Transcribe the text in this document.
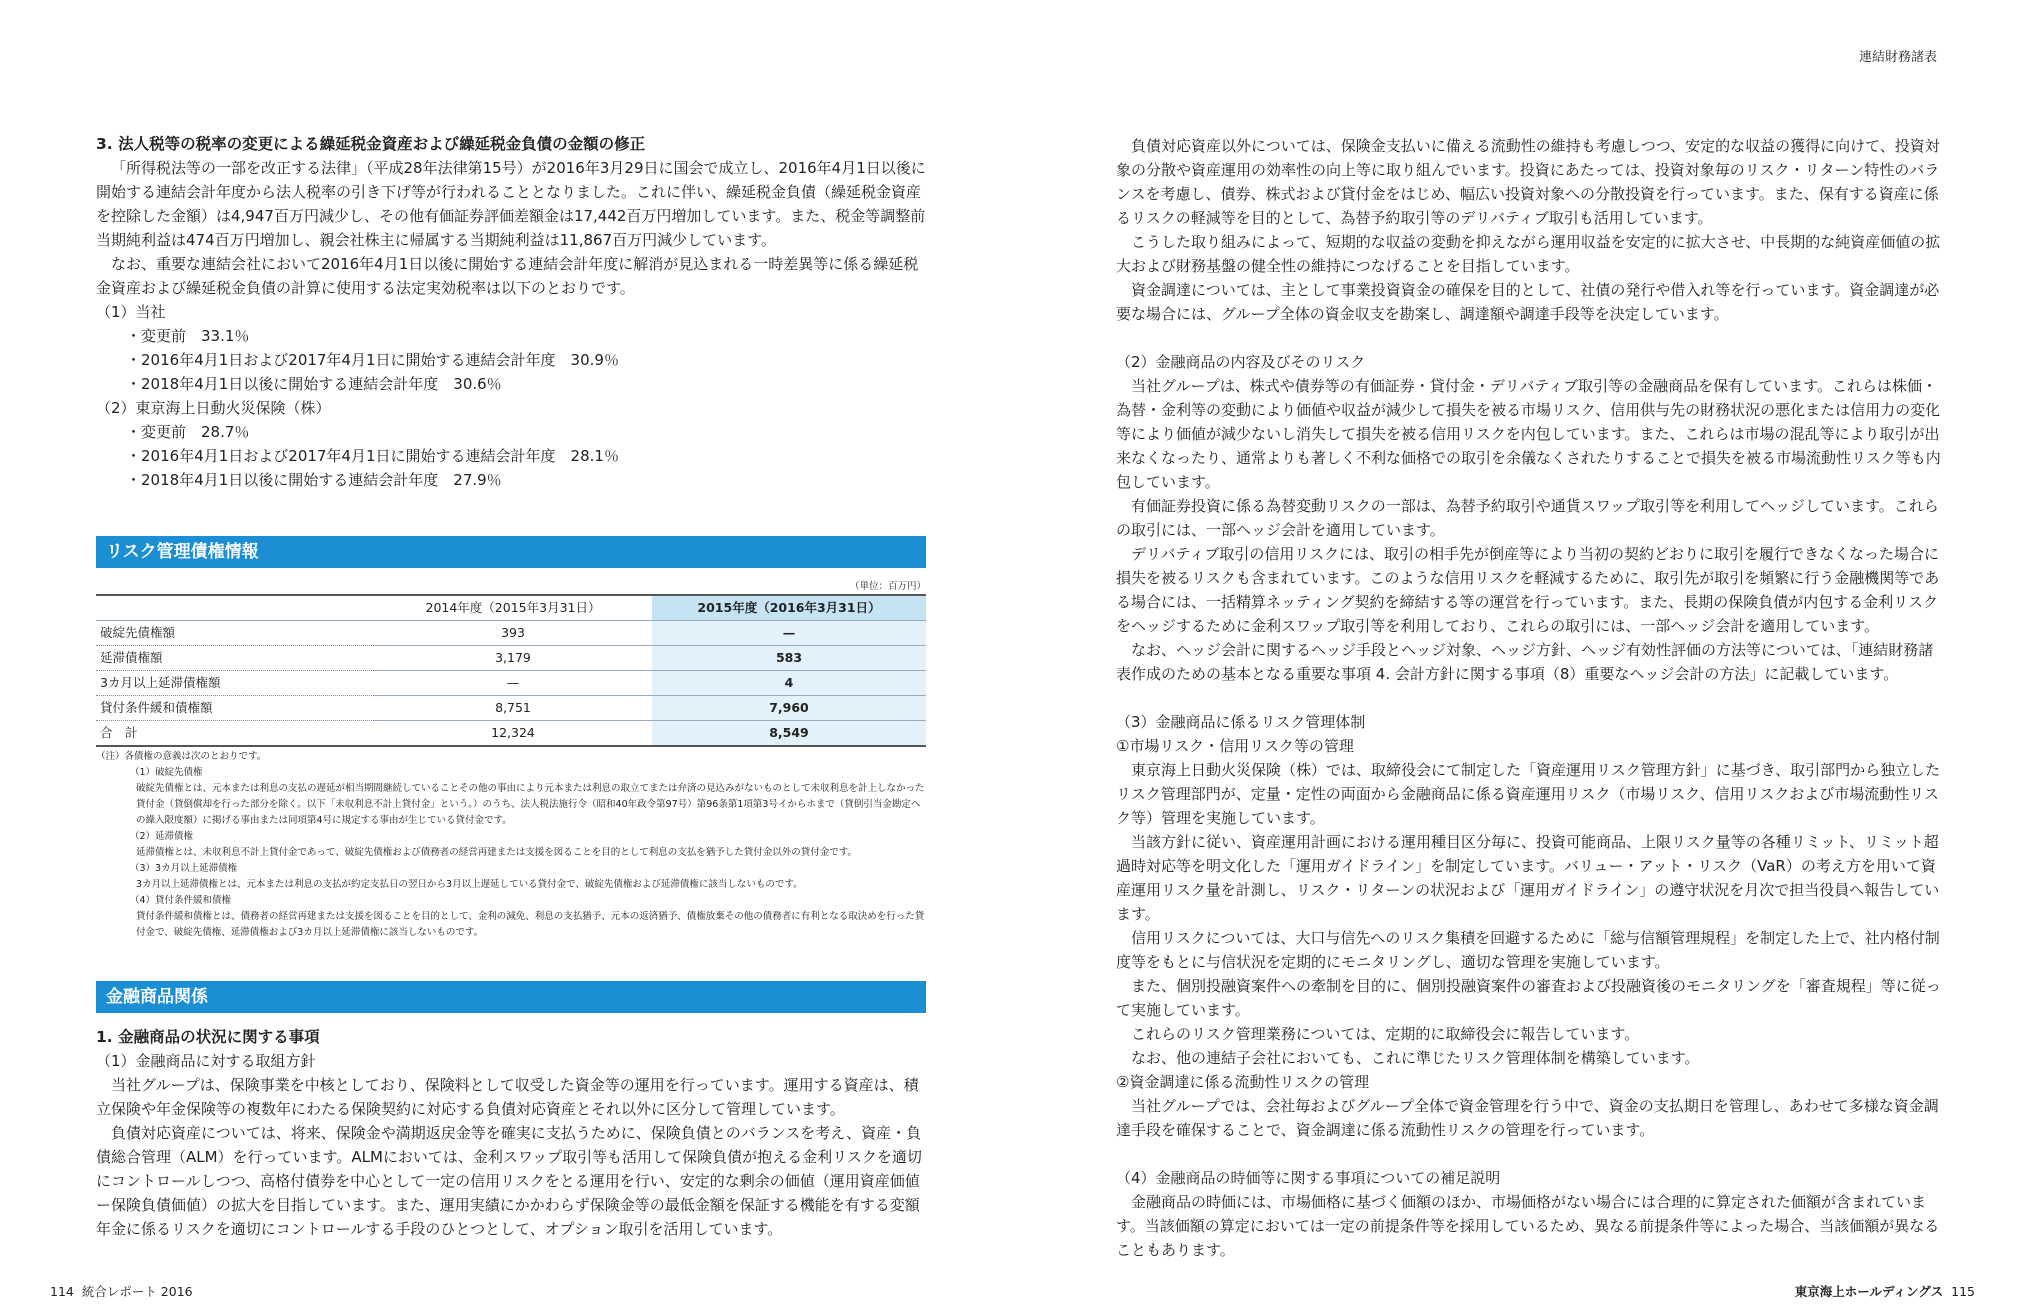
連結財務諸表

3. 法人税等の税率の変更による繰延税金資産および繰延税金負債の金額の修正

「所得税法等の一部を改正する法律」（平成28年法律第15号）が2016年3月29日に国会で成立し、2016年4月1日以後に開始する連結会計年度から法人税率の引き下げ等が行われることとなりました。これに伴い、繰延税金負債（繰延税金資産を控除した金額）は4,947百万円減少し、その他有価証券評価差額金は17,442百万円増加しています。また、税金等調整前当期純利益は474百万円増加し、親会社株主に帰属する当期純利益は11,867百万円減少しています。

なお、重要な連結会社において2016年4月1日以後に開始する連結会計年度に解消が見込まれる一時差異等に係る繰延税金資産および繰延税金負債の計算に使用する法定実効税率は以下のとおりです。

（1）当社

・ 変更前　33.1％

・ 2016年4月1日および2017年4月1日に開始する連結会計年度　30.9％

・ 2018年4月1日以後に開始する連結会計年度　30.6％

（2）東京海上日動火災保険（株）

・ 変更前　28.7％

・ 2016年4月1日および2017年4月1日に開始する連結会計年度　28.1％

・ 2018年4月1日以後に開始する連結会計年度　27.9％

リスク管理債権情報
（単位：百万円）
	2014年度（2015年3月31日）	2015年度（2016年3月31日）
破綻先債権額	393	—
延滞債権額	3,179	583
3カ月以上延滞債権額	—	4
貸付条件緩和債権額	8,751	7,960
合　計	12,324	8,549

（注）各債権の意義は次のとおりです。

（1）破綻先債権

破綻先債権とは、元本または利息の支払の遅延が相当期間継続していることその他の事由により元本または利息の取立てまたは弁済の見込みがないものとして未収利息を計上しなかった貸付金（貸倒償却を行った部分を除く。以下「未収利息不計上貸付金」という。）のうち、法人税法施行令（昭和40年政令第97号）第96条第1項第3号イからホまで（貸倒引当金勘定への繰入限度額）に掲げる事由または同項第4号に規定する事由が生じている貸付金です。

（2）延滞債権

延滞債権とは、未収利息不計上貸付金であって、破綻先債権および債務者の経営再建または支援を図ることを目的として利息の支払を猶予した貸付金以外の貸付金です。

（3）3カ月以上延滞債権

3カ月以上延滞債権とは、元本または利息の支払が約定支払日の翌日から3月以上遅延している貸付金で、破綻先債権および延滞債権に該当しないものです。

（4）貸付条件緩和債権

貸付条件緩和債権とは、債務者の経営再建または支援を図ることを目的として、金利の減免、利息の支払猶予、元本の返済猶予、債権放棄その他の債務者に有利となる取決めを行った貸付金で、破綻先債権、延滞債権および3カ月以上延滞債権に該当しないものです。

金融商品関係

1. 金融商品の状況に関する事項

（1）金融商品に対する取組方針

当社グループは、保険事業を中核としており、保険料として収受した資金等の運用を行っています。運用する資産は、積立保険や年金保険等の複数年にわたる保険契約に対応する負債対応資産とそれ以外に区分して管理しています。

負債対応資産については、将来、保険金や満期返戻金等を確実に支払うために、保険負債とのバランスを考え、資産・負債総合管理（ALM）を行っています。ALMにおいては、金利スワップ取引等も活用して保険負債が抱える金利リスクを適切にコントロールしつつ、高格付債券を中心として一定の信用リスクをとる運用を行い、安定的な剰余の価値（運用資産価値ー保険負債価値）の拡大を目指しています。また、運用実績にかかわらず保険金等の最低金額を保証する機能を有する変額年金に係るリスクを適切にコントロールする手段のひとつとして、オプション取引を活用しています。

負債対応資産以外については、保険金支払いに備える流動性の維持も考慮しつつ、安定的な収益の獲得に向けて、投資対象の分散や資産運用の効率性の向上等に取り組んでいます。投資にあたっては、投資対象毎のリスク・リターン特性のバランスを考慮し、債券、株式および貸付金をはじめ、幅広い投資対象への分散投資を行っています。また、保有する資産に係るリスクの軽減等を目的として、為替予約取引等のデリバティブ取引も活用しています。

こうした取り組みによって、短期的な収益の変動を抑えながら運用収益を安定的に拡大させ、中長期的な純資産価値の拡大および財務基盤の健全性の維持につなげることを目指しています。

資金調達については、主として事業投資資金の確保を目的として、社債の発行や借入れ等を行っています。資金調達が必要な場合には、グループ全体の資金収支を勘案し、調達額や調達手段等を決定しています。

（2）金融商品の内容及びそのリスク

当社グループは、株式や債券等の有価証券・貸付金・デリバティブ取引等の金融商品を保有しています。これらは株価・為替・金利等の変動により価値や収益が減少して損失を被る市場リスク、信用供与先の財務状況の悪化または信用力の変化等により価値が減少ないし消失して損失を被る信用リスクを内包しています。また、これらは市場の混乱等により取引が出来なくなったり、通常よりも著しく不利な価格での取引を余儀なくされたりすることで損失を被る市場流動性リスク等も内包しています。

有価証券投資に係る為替変動リスクの一部は、為替予約取引や通貨スワップ取引等を利用してヘッジしています。これらの取引には、一部ヘッジ会計を適用しています。

デリバティブ取引の信用リスクには、取引の相手先が倒産等により当初の契約どおりに取引を履行できなくなった場合に損失を被るリスクも含まれています。このような信用リスクを軽減するために、取引先が取引を頻繁に行う金融機関等である場合には、一括精算ネッティング契約を締結する等の運営を行っています。また、長期の保険負債が内包する金利リスクをヘッジするために金利スワップ取引等を利用しており、これらの取引には、一部ヘッジ会計を適用しています。

なお、ヘッジ会計に関するヘッジ手段とヘッジ対象、ヘッジ方針、ヘッジ有効性評価の方法等については、「連結財務諸表作成のための基本となる重要な事項 4. 会計方針に関する事項（8）重要なヘッジ会計の方法」に記載しています。

（3）金融商品に係るリスク管理体制

①市場リスク・信用リスク等の管理

東京海上日動火災保険（株）では、取締役会にて制定した「資産運用リスク管理方針」に基づき、取引部門から独立したリスク管理部門が、定量・定性の両面から金融商品に係る資産運用リスク（市場リスク、信用リスクおよび市場流動性リスク等）管理を実施しています。

当該方針に従い、資産運用計画における運用種目区分毎に、投資可能商品、上限リスク量等の各種リミット、リミット超過時対応等を明文化した「運用ガイドライン」を制定しています。バリュー・アット・リスク（VaR）の考え方を用いて資産運用リスク量を計測し、リスク・リターンの状況および「運用ガイドライン」の遵守状況を月次で担当役員へ報告しています。

信用リスクについては、大口与信先へのリスク集積を回避するために「総与信額管理規程」を制定した上で、社内格付制度等をもとに与信状況を定期的にモニタリングし、適切な管理を実施しています。

また、個別投融資案件への牽制を目的に、個別投融資案件の審査および投融資後のモニタリングを「審査規程」等に従って実施しています。

これらのリスク管理業務については、定期的に取締役会に報告しています。

なお、他の連結子会社においても、これに準じたリスク管理体制を構築しています。

②資金調達に係る流動性リスクの管理

当社グループでは、会社毎およびグループ全体で資金管理を行う中で、資金の支払期日を管理し、あわせて多様な資金調達手段を確保することで、資金調達に係る流動性リスクの管理を行っています。

（4）金融商品の時価等に関する事項についての補足説明

金融商品の時価には、市場価格に基づく価額のほか、市場価格がない場合には合理的に算定された価額が含まれています。当該価額の算定においては一定の前提条件等を採用しているため、異なる前提条件等によった場合、当該価額が異なることもあります。

114 統合レポート 2016	東京海上ホールディングス 115
